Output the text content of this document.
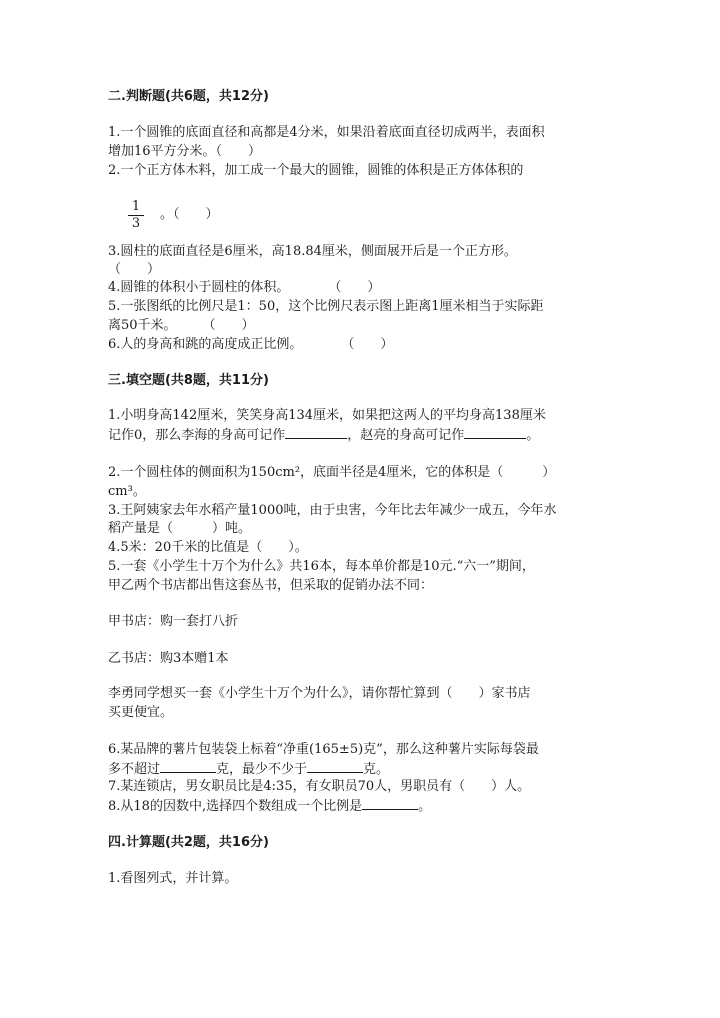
二.判断题(共6题，共12分)
1.一个圆锥的底面直径和高都是4分米，如果沿着底面直径切成两半，表面积
增加16平方分米。（　　）
2.一个正方体木料，加工成一个最大的圆锥，圆锥的体积是正方体体积的
1
3
。（　　）
3.圆柱的底面直径是6厘米，高18.84厘米，侧面展开后是一个正方形。
（　　）
4.圆锥的体积小于圆柱的体积。　　　　（　　）
5.一张图纸的比例尺是1：50，这个比例尺表示图上距离1厘米相当于实际距
离50千米。　　　（　　）
6.人的身高和跳的高度成正比例。　　　　（　　）
三.填空题(共8题，共11分)
1.小明身高142厘米，笑笑身高134厘米，如果把这两人的平均身高138厘米
记作0，那么李海的身高可记作	，赵亮的身高可记作	。
2.一个圆柱体的侧面积为150cm²，底面半径是4厘米，它的体积是（　　　）
cm³。
3.王阿姨家去年水稻产量1000吨，由于虫害，今年比去年减少一成五，今年水
稻产量是（　　　）吨。
4.5米：20千米的比值是（　　）。
5.一套《小学生十万个为什么》共16本，每本单价都是10元.“六一”期间，
甲乙两个书店都出售这套丛书，但采取的促销办法不同：
甲书店：购一套打八折
乙书店：购3本赠1本
李勇同学想买一套《小学生十万个为什么》，请你帮忙算到（　　）家书店
买更便宜。
6.某品牌的薯片包装袋上标着“净重(165±5)克”，那么这种薯片实际每袋最
多不超过	克，最少不少于	克。
7.某连锁店，男女职员比是4:35，有女职员70人，男职员有（　　）人。
8.从18的因数中,选择四个数组成一个比例是	。
四.计算题(共2题，共16分)
1.看图列式，并计算。
